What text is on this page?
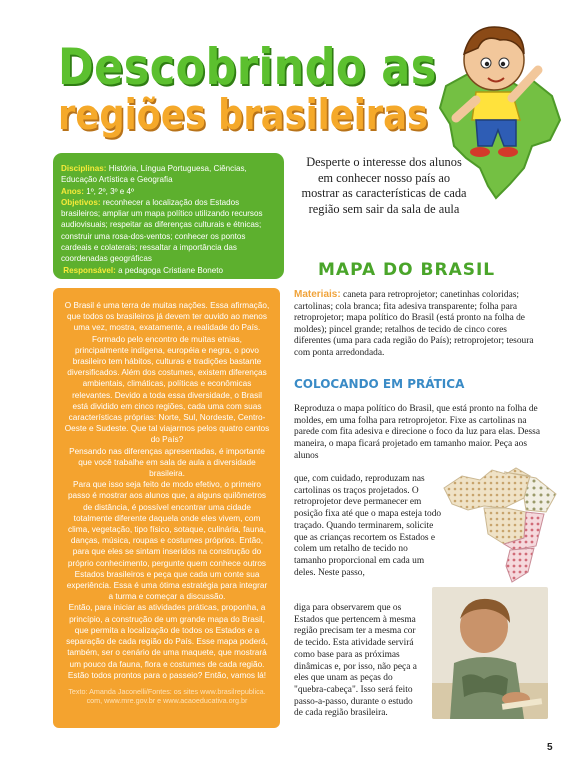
Descobrindo as
regiões brasileiras

Disciplinas: História, Língua Portuguesa, Ciências, Educação Artística e Geografia

Anos: 1º, 2º, 3º e 4º

Objetivos: reconhecer a localização dos Estados brasileiros; ampliar um mapa político utilizando recursos audiovisuais; respeitar as diferenças culturais e étnicas; construir uma rosa-dos-ventos; conhecer os pontos cardeais e colaterais; ressaltar a importância das coordenadas geográficas

Responsável: a pedagoga Cristiane Boneto

Desperte o interesse dos alunos em conhecer nosso país ao mostrar as características de cada região sem sair da sala de aula

O Brasil é uma terra de muitas nações. Essa afirmação, que todos os brasileiros já devem ter ouvido ao menos uma vez, mostra, exatamente, a realidade do País. Formado pelo encontro de muitas etnias, principalmente indígena, européia e negra, o povo brasileiro tem hábitos, culturas e tradições bastante diversificados. Além dos costumes, existem diferenças ambientais, climáticas, políticas e econômicas relevantes. Devido a toda essa diversidade, o Brasil está dividido em cinco regiões, cada uma com suas características próprias: Norte, Sul, Nordeste, Centro-Oeste e Sudeste. Que tal viajarmos pelos quatro cantos do País?

Pensando nas diferenças apresentadas, é importante que você trabalhe em sala de aula a diversidade brasileira.

Para que isso seja feito de modo efetivo, o primeiro passo é mostrar aos alunos que, a alguns quilômetros de distância, é possível encontrar uma cidade totalmente diferente daquela onde eles vivem, com clima, vegetação, tipo físico, sotaque, culinária, fauna, danças, música, roupas e costumes próprios. Então, para que eles se sintam inseridos na construção do próprio conhecimento, pergunte quem conhece outros Estados brasileiros e peça que cada um conte sua experiência. Essa é uma ótima estratégia para integrar a turma e começar a discussão.

Então, para iniciar as atividades práticas, proponha, a princípio, a construção de um grande mapa do Brasil, que permita a localização de todos os Estados e a separação de cada região do País. Esse mapa poderá, também, ser o cenário de uma maquete, que mostrará um pouco da fauna, flora e costumes de cada região. Estão todos prontos para o passeio? Então, vamos lá!

Texto: Amanda Jaconelli/Fontes: os sites www.brasilrepublica. com, www.mre.gov.br e www.acaoeducativa.org.br
MAPA DO BRASIL
Materiais: caneta para retroprojetor; canetinhas coloridas; cartolinas; cola branca; fita adesiva transparente; folha para retroprojetor; mapa político do Brasil (está pronto na folha de moldes); pincel grande; retalhos de tecido de cinco cores diferentes (uma para cada região do País); retroprojetor; tesoura com ponta arredondada.
COLOCANDO EM PRÁTICA
Reproduza o mapa político do Brasil, que está pronto na folha de moldes, em uma folha para retroprojetor. Fixe as cartolinas na parede com fita adesiva e direcione o foco da luz para elas. Dessa maneira, o mapa ficará projetado em tamanho maior. Peça aos alunos
que, com cuidado, reproduzam nas cartolinas os traços projetados. O retroprojetor deve permanecer em posição fixa até que o mapa esteja todo traçado. Quando terminarem, solicite que as crianças recortem os Estados e colem um retalho de tecido no tamanho proporcional em cada um deles. Neste passo,
diga para observarem que os Estados que pertencem à mesma região precisam ter a mesma cor de tecido. Esta atividade servirá como base para as próximas dinâmicas e, por isso, não peça a eles que unam as peças do "quebra-cabeça". Isso será feito passo-a-passo, durante o estudo de cada região brasileira.
5
